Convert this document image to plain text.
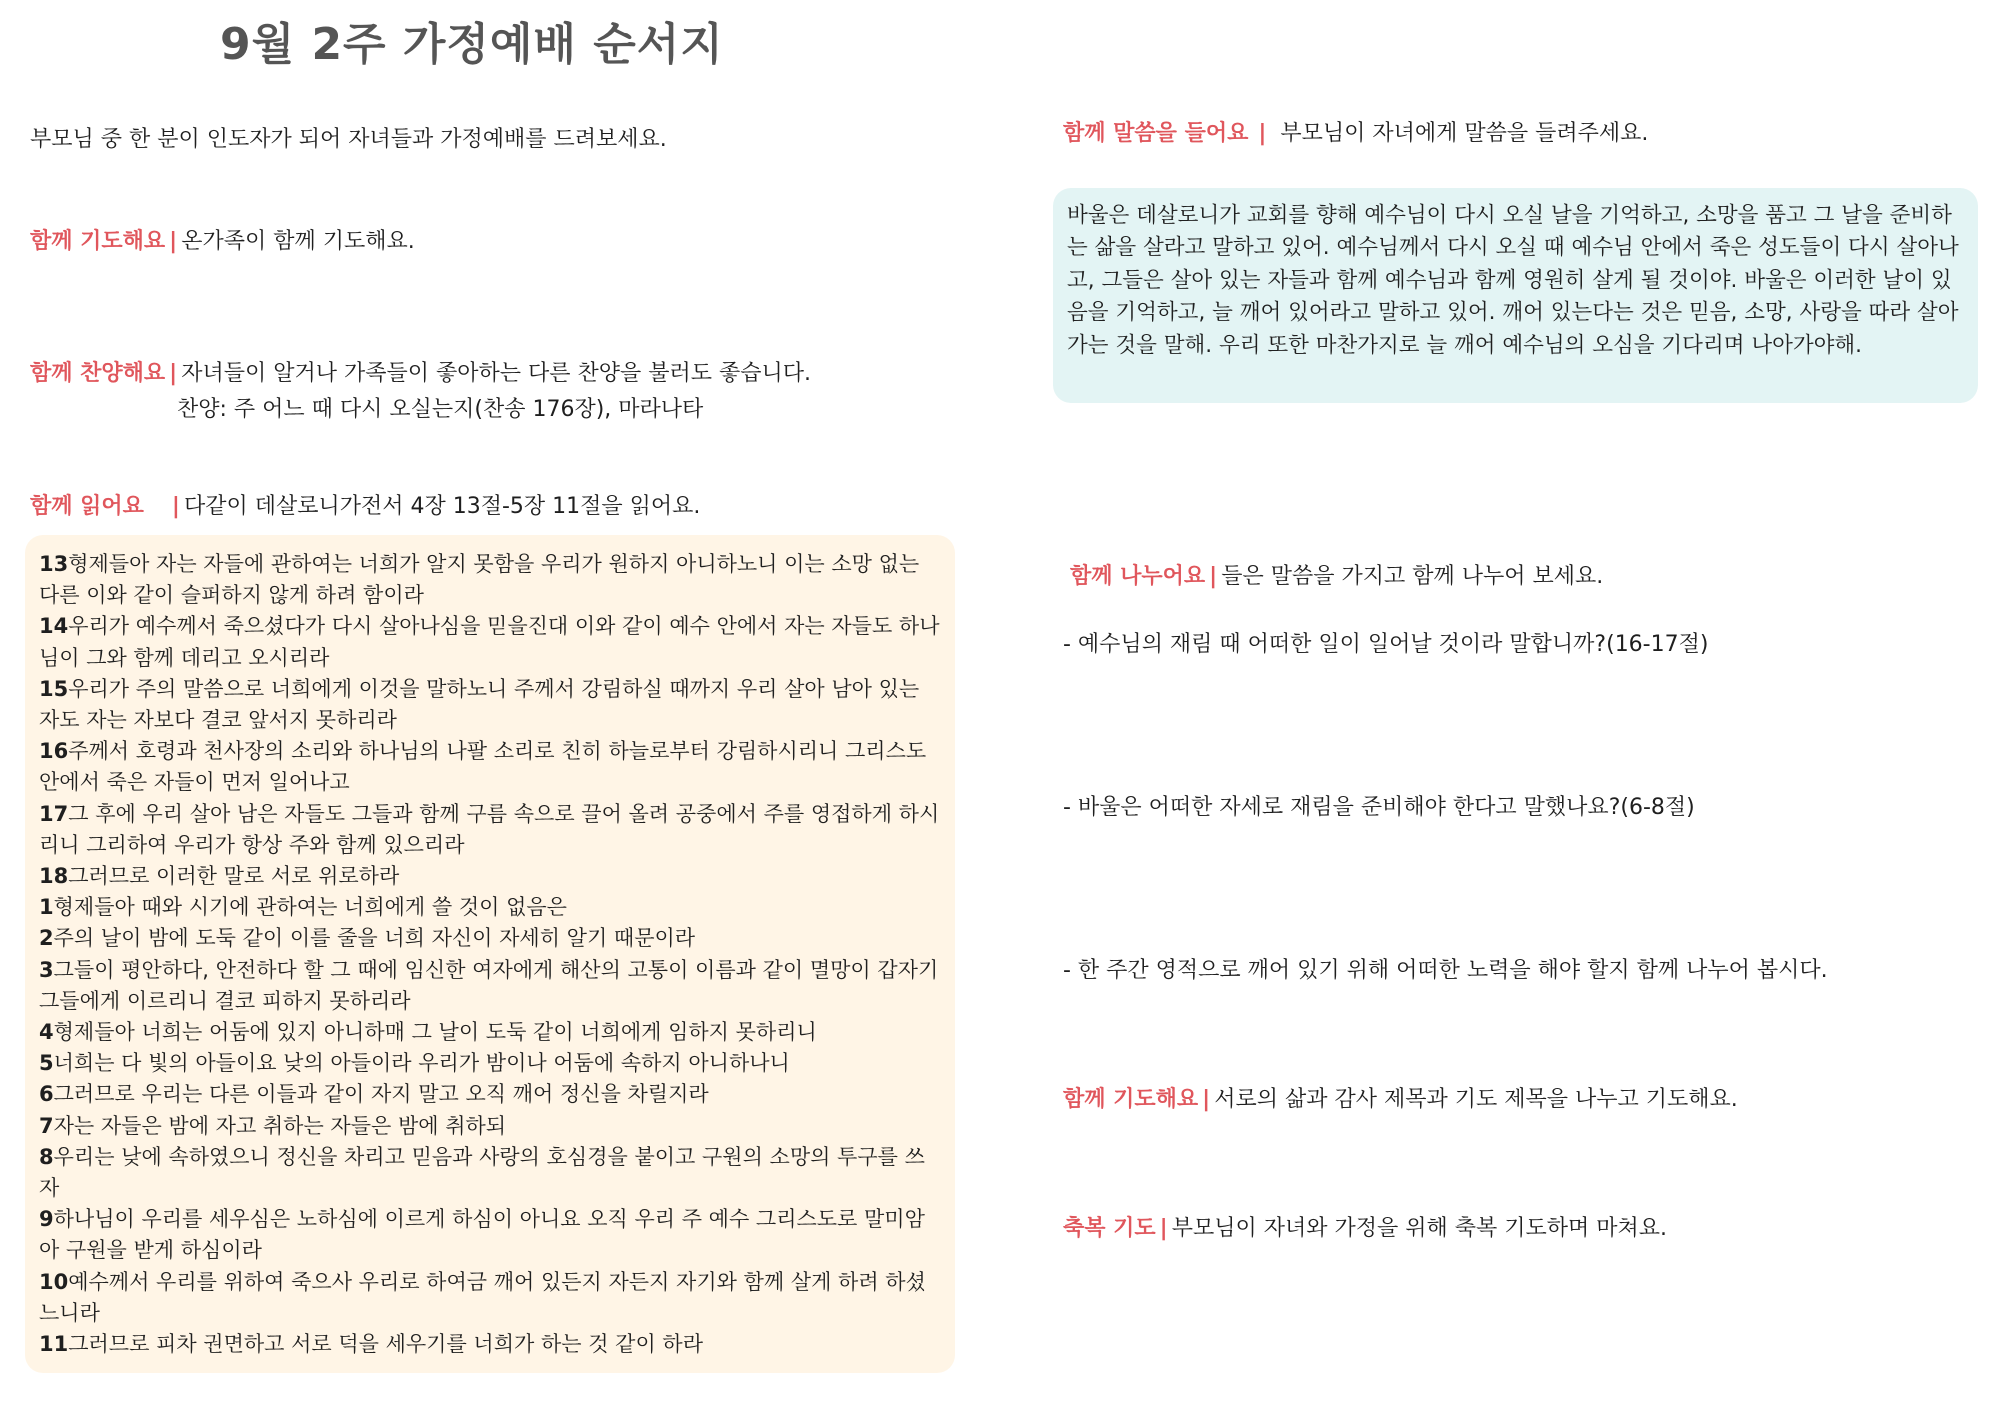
9월 2주 가정예배 순서지
부모님 중 한 분이 인도자가 되어 자녀들과 가정예배를 드려보세요.
함께 기도해요 | 온가족이 함께 기도해요.
함께 찬양해요 | 자녀들이 알거나 가족들이 좋아하는 다른 찬양을 불러도 좋습니다.
찬양: 주 어느 때 다시 오실는지(찬송 176장), 마라나타
함께 읽어요 | 다같이 데살로니가전서 4장 13절-5장 11절을 읽어요.

13형제들아 자는 자들에 관하여는 너희가 알지 못함을 우리가 원하지 아니하노니 이는 소망 없는 다른 이와 같이 슬퍼하지 않게 하려 함이라

14우리가 예수께서 죽으셨다가 다시 살아나심을 믿을진대 이와 같이 예수 안에서 자는 자들도 하나님이 그와 함께 데리고 오시리라

15우리가 주의 말씀으로 너희에게 이것을 말하노니 주께서 강림하실 때까지 우리 살아 남아 있는 자도 자는 자보다 결코 앞서지 못하리라

16주께서 호령과 천사장의 소리와 하나님의 나팔 소리로 친히 하늘로부터 강림하시리니 그리스도 안에서 죽은 자들이 먼저 일어나고

17그 후에 우리 살아 남은 자들도 그들과 함께 구름 속으로 끌어 올려 공중에서 주를 영접하게 하시리니 그리하여 우리가 항상 주와 함께 있으리라

18그러므로 이러한 말로 서로 위로하라

1형제들아 때와 시기에 관하여는 너희에게 쓸 것이 없음은

2주의 날이 밤에 도둑 같이 이를 줄을 너희 자신이 자세히 알기 때문이라

3그들이 평안하다, 안전하다 할 그 때에 임신한 여자에게 해산의 고통이 이름과 같이 멸망이 갑자기 그들에게 이르리니 결코 피하지 못하리라

4형제들아 너희는 어둠에 있지 아니하매 그 날이 도둑 같이 너희에게 임하지 못하리니

5너희는 다 빛의 아들이요 낮의 아들이라 우리가 밤이나 어둠에 속하지 아니하나니

6그러므로 우리는 다른 이들과 같이 자지 말고 오직 깨어 정신을 차릴지라

7자는 자들은 밤에 자고 취하는 자들은 밤에 취하되

8우리는 낮에 속하였으니 정신을 차리고 믿음과 사랑의 호심경을 붙이고 구원의 소망의 투구를 쓰자

9하나님이 우리를 세우심은 노하심에 이르게 하심이 아니요 오직 우리 주 예수 그리스도로 말미암아 구원을 받게 하심이라

10예수께서 우리를 위하여 죽으사 우리로 하여금 깨어 있든지 자든지 자기와 함께 살게 하려 하셨느니라

11그러므로 피차 권면하고 서로 덕을 세우기를 너희가 하는 것 같이 하라

함께 말씀을 들어요 | 부모님이 자녀에게 말씀을 들려주세요.

바울은 데살로니가 교회를 향해 예수님이 다시 오실 날을 기억하고, 소망을 품고 그 날을 준비하는 삶을 살라고 말하고 있어. 예수님께서 다시 오실 때 예수님 안에서 죽은 성도들이 다시 살아나고, 그들은 살아 있는 자들과 함께 예수님과 함께 영원히 살게 될 것이야. 바울은 이러한 날이 있음을 기억하고, 늘 깨어 있어라고 말하고 있어. 깨어 있는다는 것은 믿음, 소망, 사랑을 따라 살아가는 것을 말해. 우리 또한 마찬가지로 늘 깨어 예수님의 오심을 기다리며 나아가야해.

함께 나누어요 | 들은 말씀을 가지고 함께 나누어 보세요.
- 예수님의 재림 때 어떠한 일이 일어날 것이라 말합니까?(16-17절)
- 바울은 어떠한 자세로 재림을 준비해야 한다고 말했나요?(6-8절)
- 한 주간 영적으로 깨어 있기 위해 어떠한 노력을 해야 할지 함께 나누어 봅시다.
함께 기도해요 | 서로의 삶과 감사 제목과 기도 제목을 나누고 기도해요.
축복 기도 | 부모님이 자녀와 가정을 위해 축복 기도하며 마쳐요.
